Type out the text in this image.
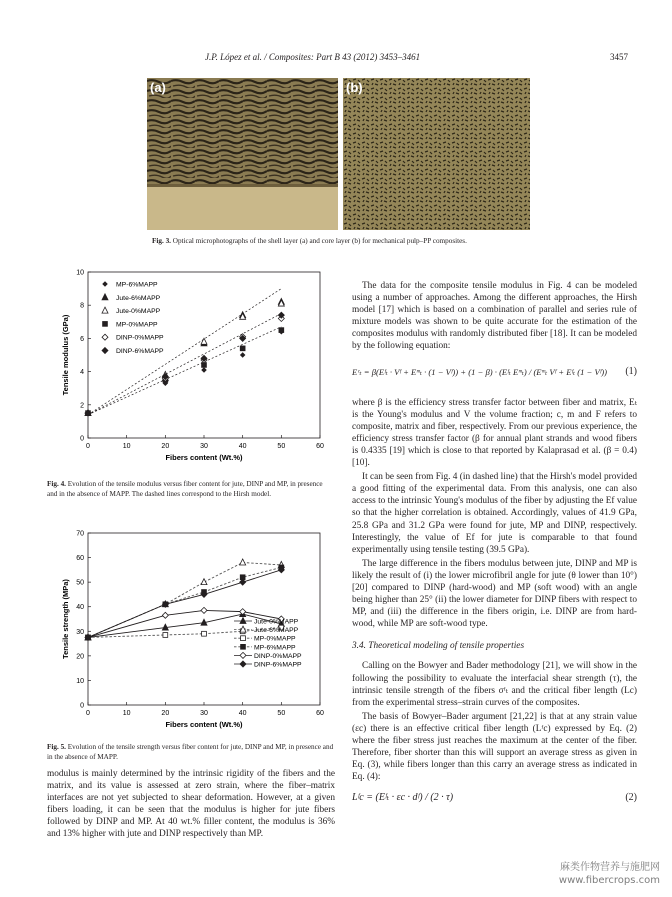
J.P. López et al. / Composites: Part B 43 (2012) 3453–3461	3457
(a)	(b)
Fig. 3. Optical microphotographs of the shell layer (a) and core layer (b) for mechanical pulp–PP composites.
0	10	20	30	40	50	60
0
2
4
6
8
10
Fibers content (Wt.%)
Tensile modulus (GPa)
MP-6%MAPP
Jute-6%MAPP
Jute-0%MAPP
MP-0%MAPP
DINP-0%MAPP
DINP-6%MAPP
Fig. 4. Evolution of the tensile modulus versus fiber content for jute, DINP and MP, in presence and in the absence of MAPP. The dashed lines correspond to the Hirsh model.
0	10	20	30	40	50	60
0
10
20
30
40
50
60
70
Fibers content (Wt.%)
Tensile strength (MPa)	Jute-0%MAPP
Jute-6%MAPP
MP-0%MAPP
MP-6%MAPP
DINP-0%MAPP
DINP-6%MAPP
Fig. 5. Evolution of the tensile strength versus fiber content for jute, DINP and MP, in presence and in the absence of MAPP.

modulus is mainly determined by the intrinsic rigidity of the fibers and the matrix, and its value is assessed at zero strain, where the fiber–matrix interfaces are not yet subjected to shear deformation. However, at a given fibers loading, it can be seen that the modulus is higher for jute fibers followed by DINP and MP. At 40 wt.% filler content, the modulus is 36% and 13% higher with jute and DINP respectively than MP.

The data for the composite tensile modulus in Fig. 4 can be modeled using a number of approaches. Among the different approaches, the Hirsh model [17] which is based on a combination of parallel and series rule of mixture models was shown to be quite accurate for the estimation of the composites modulus with randomly distributed fiber [18]. It can be modeled by the following equation:

Eᶜₜ = β(Eᶠₜ · Vᶠ + Eᵐₜ · (1 − Vᶠ)) + (1 − β) · (Eᶠₜ Eᵐₜ) / (Eᵐₜ Vᶠ + Eᶠₜ (1 − Vᶠ)) (1)

where β is the efficiency stress transfer factor between fiber and matrix, Eₜ is the Young's modulus and V the volume fraction; c, m and F refers to composite, matrix and fiber, respectively. From our previous experience, the efficiency stress transfer factor (β for annual plant strands and wood fibers is 0.4335 [19] which is close to that reported by Kalaprasad et al. (β = 0.4) [10].

It can be seen from Fig. 4 (in dashed line) that the Hirsh's model provided a good fitting of the experimental data. From this analysis, one can also access to the intrinsic Young's modulus of the fiber by adjusting the Ef value so that the higher correlation is obtained. Accordingly, values of 41.9 GPa, 25.8 GPa and 31.2 GPa were found for jute, MP and DINP, respectively. Interestingly, the value of Ef for jute is comparable to that found experimentally using tensile testing (39.5 GPa).

The large difference in the fibers modulus between jute, DINP and MP is likely the result of (i) the lower microfibril angle for jute (θ lower than 10°) [20] compared to DINP (hard-wood) and MP (soft wood) with an angle being higher than 25° (ii) the lower diameter for DINP fibers with respect to MP, and (iii) the difference in the fibers origin, i.e. DINP are from hard-wood, while MP are soft-wood type.

3.4. Theoretical modeling of tensile properties

Calling on the Bowyer and Bader methodology [21], we will show in the following the possibility to evaluate the interfacial shear strength (τ), the intrinsic tensile strength of the fibers σᶠₜ and the critical fiber length (Lc) from the experimental stress–strain curves of the composites.

The basis of Bowyer–Bader argument [21,22] is that at any strain value (εc) there is an effective critical fiber length (Lᶠc) expressed by Eq. (2) where the fiber stress just reaches the maximum at the center of the fiber. Therefore, fiber shorter than this will support an average stress as given in Eq. (3), while fibers longer than this carry an average stress as indicated in Eq. (4):

Lᶠc = (Eᶠₜ · εc · dᶠ) / (2 · τ)	(2)
麻类作物营养与施肥网
www.fibercrops.com
